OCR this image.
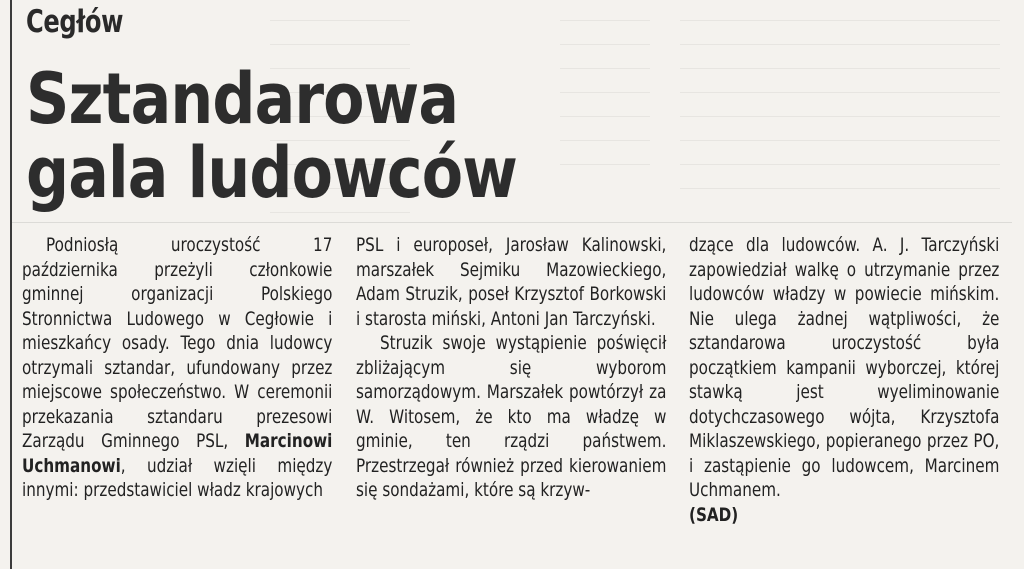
Cegłów
Sztandarowa
gala ludowców

Podniosłą uroczystość 17 października przeżyli członkowie gminnej organizacji Polskiego Stronnictwa Ludowego w Cegłowie i mieszkańcy osady. Tego dnia ludowcy otrzymali sztandar, ufundowany przez miejscowe społeczeństwo. W ceremonii przekazania sztandaru prezesowi Zarządu Gminnego PSL, Marcinowi Uchmanowi, udział wzięli między innymi: przedstawiciel władz krajowych

PSL i europoseł, Jarosław Kalinowski, marszałek Sejmiku Mazowieckiego, Adam Struzik, poseł Krzysztof Borkowski i starosta miński, Antoni Jan Tarczyński.

Struzik swoje wystąpienie poświęcił zbliżającym się wyborom samorządowym. Marszałek powtórzył za W. Witosem, że kto ma władzę w gminie, ten rządzi państwem. Przestrzegał również przed kierowaniem się sondażami, które są krzyw-

dzące dla ludowców. A. J. Tarczyński zapowiedział walkę o utrzymanie przez ludowców władzy w powiecie mińskim. Nie ulega żadnej wątpliwości, że sztandarowa uroczystość była początkiem kampanii wyborczej, której stawką jest wyeliminowanie dotychczasowego wójta, Krzysztofa Miklaszewskiego, popieranego przez PO, i zastąpienie go ludowcem, Marcinem Uchmanem.

(SAD)
